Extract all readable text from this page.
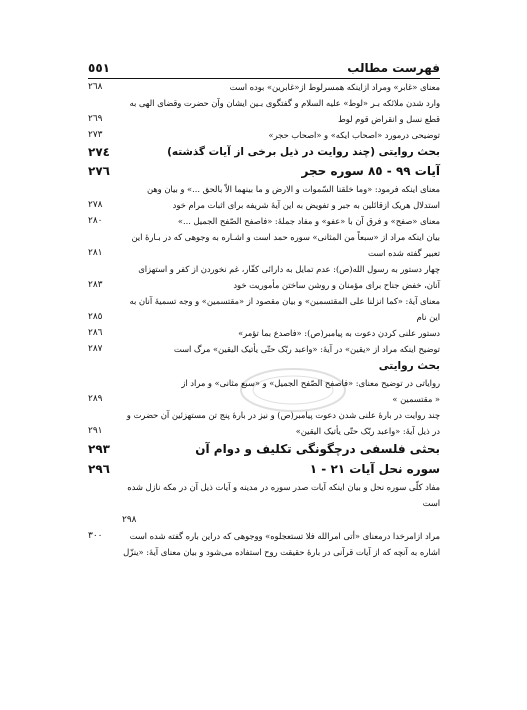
٥٥١	فهرست مطالب
معنای «غابر» ومراد ازاینکه همسرلوط از«غابرین» بوده است
٢٦٨
وارد شدن ملائکه بـر «لوط» علیه السلام و گفتگوی بـین ایشان وآن حضرت وقضای الهی به
قطع نسل و انقراض قوم لوط
٢٦٩
توضیحی درمورد «اصحاب ایکه» و «اصحاب حجر»
٢٧٣
بحث روایتی (چند روایت در ذیل برخی از آیات گذشته)
٢٧٤
آیات ٩٩ - ٨٥ سوره حجر
٢٧٦
معنای اینکه فرمود: «وما خلقنا السّموات و الارض و ما بینهما الاّ بالحق ...» و بیان وهن
استدلال هریک ازقائلین به جبر و تفویض به این آیهٔ شریفه برای اثبات مرام خود
٢٧٨
معنای «صفح» و فرق آن با «عفو» و مفاد جملهٔ: «فاصفح الصّفح الجمیل ...»
٢٨٠
بیان اینکه مراد از «سبعاً من المثانی» سوره حمد است و اشـاره به وجوهی که در بـارهٔ این
تعبیر گفته شده است
٢٨١
چهار دستور به رسول الله(ص): عدم تمایل به دارائی کفّار، غم نخوردن از کفر و استهزای
آنان، خفض جناح برای مؤمنان و روشن ساختن مأموریت خود
٢٨٣
معنای آیهٔ: «کما انزلنا علی المقتسمین» و بیان مقصود از «مقتسمین» و وجه تسمیهٔ آنان به
این نام
٢٨٥
دستور علنی کردن دعوت به پیامبر(ص): «فاصدع بما تؤمر»
٢٨٦
توضیح اینکه مراد از «یقین» در آیهٔ: «واعبد ربّک حتّی یأتیک الیقین» مرگ است
٢٨٧
بحث روایتی
روایاتی در توضیح معنای: «فاصفح الصّفح الجمیل» و «سبع مثانی» و مراد از
« مقتسمین »
٢٨٩
چند روایت در بارهٔ علنی شدن دعوت پیامبر(ص) و نیز در بارهٔ پنج تن مستهزئین آن حضرت و
در ذیل آیهٔ: «واعبد ربّک حتّی یأتیک الیقین»
٢٩١
بحثی فلسفی درچگونگی تکلیف و دوام آن
٢٩٣
سوره نحل آیات ٢١ - ١
٢٩٦
مفاد کلّی سوره نحل و بیان اینکه آیات صدر سوره در مدینه و آیات ذیل آن در مکه نازل شده
است
٢٩٨
مراد ازامرخدا درمعنای «أتی امرالله فلا تستعجلوه» ووجوهی که دراین باره گفته شده است
٣٠٠
اشاره به آنچه که از آیات قرآنی در بارهٔ حقیقت روح استفاده می‌شود و بیان معنای آیهٔ: «ینزّل
